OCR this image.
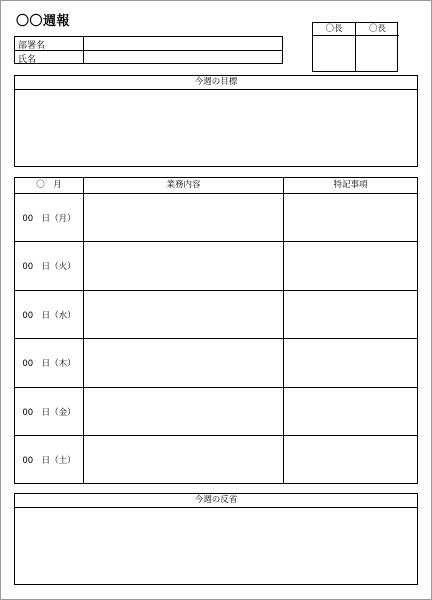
〇〇週報
部署名
氏名
〇長	〇長
今週の目標
〇　月	業務内容	特記事項
00　日（月）
00　日（火）
00　日（水）
00　日（木）
00　日（金）
00　日（土）
今週の反省
